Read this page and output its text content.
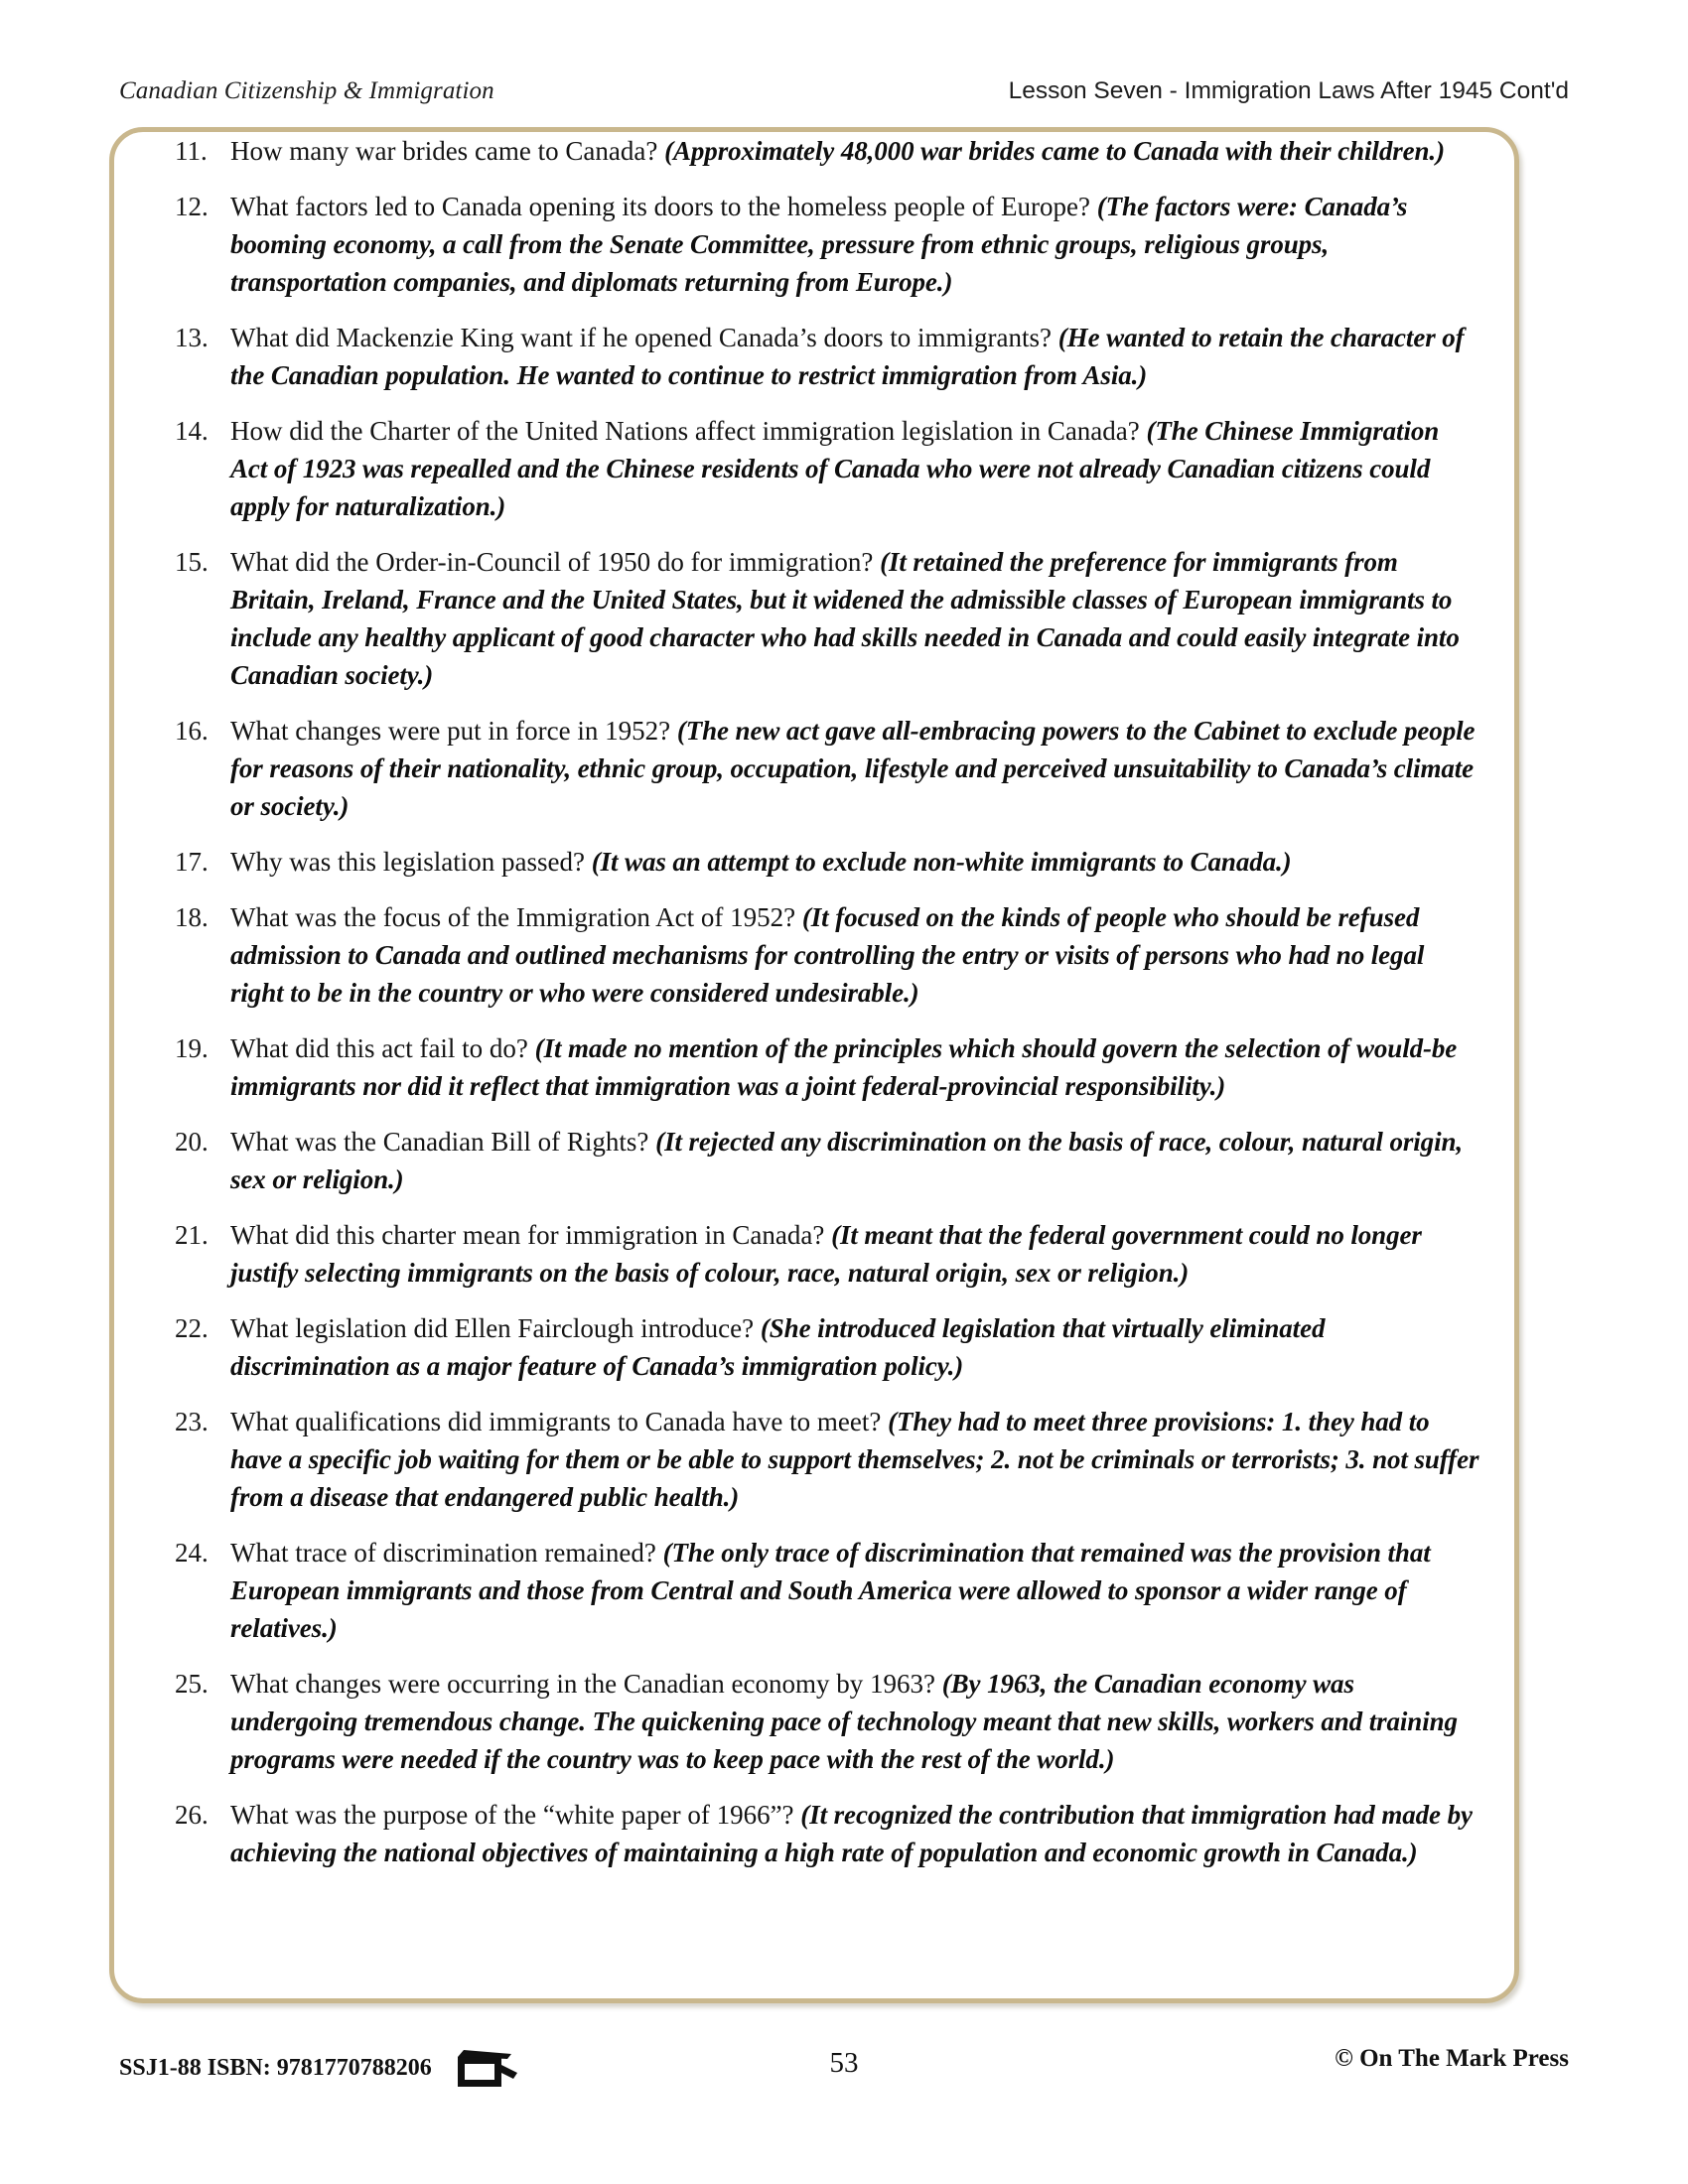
Canadian Citizenship & Immigration	Lesson Seven - Immigration Laws After 1945 Cont'd
11. How many war brides came to Canada? (Approximately 48,000 war brides came to Canada with their children.)
12. What factors led to Canada opening its doors to the homeless people of Europe? (The factors were: Canada’s booming economy, a call from the Senate Committee, pressure from ethnic groups, religious groups, transportation companies, and diplomats returning from Europe.)
13. What did Mackenzie King want if he opened Canada’s doors to immigrants? (He wanted to retain the character of the Canadian population. He wanted to continue to restrict immigration from Asia.)
14. How did the Charter of the United Nations affect immigration legislation in Canada? (The Chinese Immigration Act of 1923 was repealled and the Chinese residents of Canada who were not already Canadian citizens could apply for naturalization.)
15. What did the Order-in-Council of 1950 do for immigration? (It retained the preference for immigrants from Britain, Ireland, France and the United States, but it widened the admissible classes of European immigrants to include any healthy applicant of good character who had skills needed in Canada and could easily integrate into Canadian society.)
16. What changes were put in force in 1952? (The new act gave all-embracing powers to the Cabinet to exclude people for reasons of their nationality, ethnic group, occupation, lifestyle and perceived unsuitability to Canada’s climate or society.)
17. Why was this legislation passed? (It was an attempt to exclude non-white immigrants to Canada.)
18. What was the focus of the Immigration Act of 1952? (It focused on the kinds of people who should be refused admission to Canada and outlined mechanisms for controlling the entry or visits of persons who had no legal right to be in the country or who were considered undesirable.)
19. What did this act fail to do? (It made no mention of the principles which should govern the selection of would-be immigrants nor did it reflect that immigration was a joint federal-provincial responsibility.)
20. What was the Canadian Bill of Rights? (It rejected any discrimination on the basis of race, colour, natural origin, sex or religion.)
21. What did this charter mean for immigration in Canada? (It meant that the federal government could no longer justify selecting immigrants on the basis of colour, race, natural origin, sex or religion.)
22. What legislation did Ellen Fairclough introduce? (She introduced legislation that virtually eliminated discrimination as a major feature of Canada’s immigration policy.)
23. What qualifications did immigrants to Canada have to meet? (They had to meet three provisions: 1. they had to have a specific job waiting for them or be able to support themselves; 2. not be criminals or terrorists; 3. not suffer from a disease that endangered public health.)
24. What trace of discrimination remained? (The only trace of discrimination that remained was the provision that European immigrants and those from Central and South America were allowed to sponsor a wider range of relatives.)
25. What changes were occurring in the Canadian economy by 1963? (By 1963, the Canadian economy was undergoing tremendous change. The quickening pace of technology meant that new skills, workers and training programs were needed if the country was to keep pace with the rest of the world.)
26. What was the purpose of the “white paper of 1966”? (It recognized the contribution that immigration had made by achieving the national objectives of maintaining a high rate of population and economic growth in Canada.)
SSJ1-88 ISBN: 9781770788206	53	© On The Mark Press
